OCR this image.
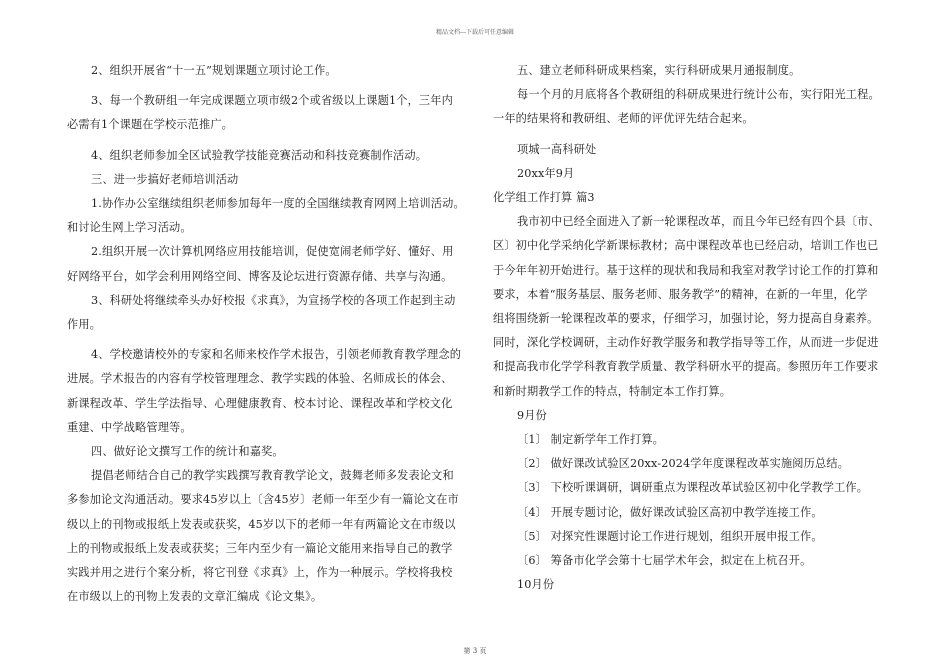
精品文档---下载后可任意编辑
2、组织开展省“十一五”规划课题立项讨论工作。
3、每一个教研组一年完成课题立项市级2个或省级以上课题1个，三年内
必需有1个课题在学校示范推广。
4、组织老师参加全区试验教学技能竞赛活动和科技竞赛制作活动。
三、进一步搞好老师培训活动
1.协作办公室继续组织老师参加每年一度的全国继续教育网网上培训活动。
和讨论生网上学习活动。
2.组织开展一次计算机网络应用技能培训，促使宽闹老师学好、懂好、用
好网络平台，如学会利用网络空间、博客及论坛进行资源存储、共享与沟通。
3、科研处将继续牵头办好校报《求真》，为宣扬学校的各项工作起到主动
作用。
4、学校邀请校外的专家和名师来校作学术报告，引领老师教育教学理念的
进展。学术报告的内容有学校管理理念、教学实践的体验、名师成长的体会、
新课程改革、学生学法指导、心理健康教育、校本讨论、课程改革和学校文化
重建、中学战略管理等。
四、做好论文撰写工作的统计和嘉奖。
提倡老师结合自己的教学实践撰写教育教学论文，鼓舞老师多发表论文和
多参加论文沟通活动。要求45岁以上〔含45岁〕老师一年至少有一篇论文在市
级以上的刊物或报纸上发表或获奖，45岁以下的老师一年有两篇论文在市级以
上的刊物或报纸上发表或获奖；三年内至少有一篇论文能用来指导自己的教学
实践并用之进行个案分析，将它刊登《求真》上，作为一种展示。学校将我校
在市级以上的刊物上发表的文章汇编成《论文集》。
五、建立老师科研成果档案，实行科研成果月通报制度。
每一个月的月底将各个教研组的科研成果进行统计公布，实行阳光工程。
一年的结果将和教研组、老师的评优评先结合起来。
项城一高科研处
20xx年9月
化学组工作打算 篇3
我市初中已经全面进入了新一轮课程改革，而且今年已经有四个县〔市、
区〕初中化学采纳化学新课标教材；高中课程改革也已经启动，培训工作也已
于今年年初开始进行。基于这样的现状和我局和我室对教学讨论工作的打算和
要求，本着“服务基层、服务老师、服务教学”的精神，在新的一年里，化学
组将围绕新一轮课程改革的要求，仔细学习，加强讨论，努力提高自身素养。
同时，深化学校调研，主动作好教学服务和教学指导等工作，从而进一步促进
和提高我市化学学科教育教学质量、教学科研水平的提高。参照历年工作要求
和新时期教学工作的特点，特制定本工作打算。
9月份
〔1〕 制定新学年工作打算。
〔2〕 做好课改试验区20xx-2024学年度课程改革实施阅历总结。
〔3〕 下校听课调研，调研重点为课程改革试验区初中化学教学工作。
〔4〕 开展专题讨论，做好课改试验区高初中教学连接工作。
〔5〕 对探究性课题讨论工作进行规划，组织开展申报工作。
〔6〕 筹备市化学会第十七届学术年会，拟定在上杭召开。
10月份
第 3 页
